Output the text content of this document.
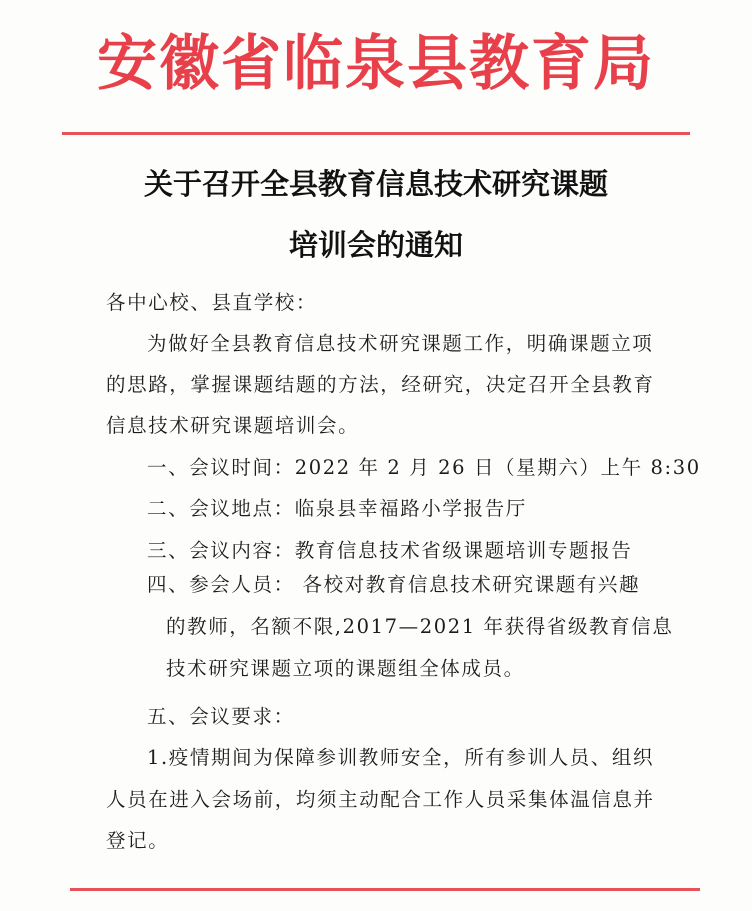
安徽省临泉县教育局
关于召开全县教育信息技术研究课题
培训会的通知
各中心校、县直学校：
为做好全县教育信息技术研究课题工作，明确课题立项
的思路，掌握课题结题的方法，经研究，决定召开全县教育
信息技术研究课题培训会。
一、会议时间：2022 年 2 月 26 日（星期六）上午 8:30
二、会议地点：临泉县幸福路小学报告厅
三、会议内容：教育信息技术省级课题培训专题报告
四、参会人员： 各校对教育信息技术研究课题有兴趣
的教师，名额不限,2017—2021 年获得省级教育信息
技术研究课题立项的课题组全体成员。
五、会议要求：
1.疫情期间为保障参训教师安全，所有参训人员、组织
人员在进入会场前，均须主动配合工作人员采集体温信息并
登记。
